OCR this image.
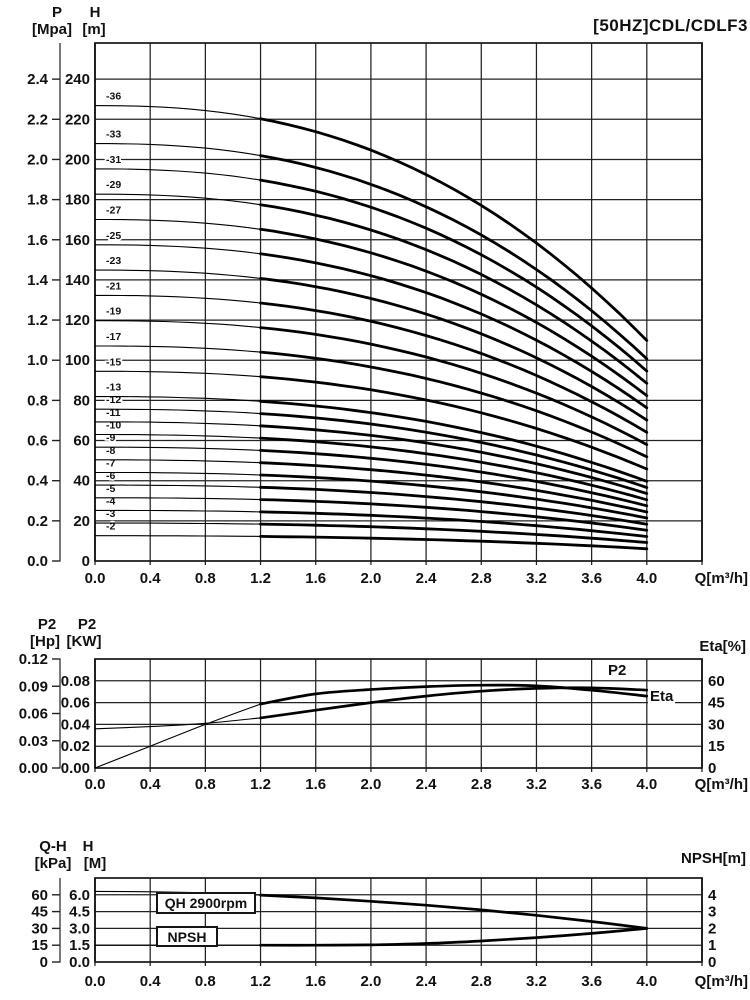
0.0
0.2
0.4
0.6
0.8
1.0
1.2
1.4
1.6
1.8
2.0
2.2
2.4
0
20
40
60
80
100
120
140
160
180
200
220
240
0.0 0.4 0.8 1.2 1.6 2.0 2.4 2.8 3.2 3.6 4.0 Q[m³/h]
-2
-3
-4
-5
-6
-7
-8
-9
-10
-11
-12
-13
-15
-17
-19
-21
-23
-25
-27
-29
-31
-33
-36
0.00
0.03
0.06
0.09
0.12
0.00
0.02
0.04
0.06
0.08
0
15
30
45
60
0.0 0.4 0.8 1.2 1.6 2.0 2.4 2.8 3.2 3.6 4.0 Q[m³/h]
0
15
30
45
60
0.0
1.5
3.0
4.5
6.0
0
1
2
3
4
0.0 0.4 0.8 1.2 1.6 2.0 2.4 2.8 3.2 3.6 4.0 Q[m³/h]
[50HZ]CDL/CDLF3
P	H
[Mpa] [m]
P2	P2
[Hp] [KW]	Eta[%]
Q-H	H
[kPa] [M]	NPSH[m]
P2
Eta
QH 2900rpm
NPSH
